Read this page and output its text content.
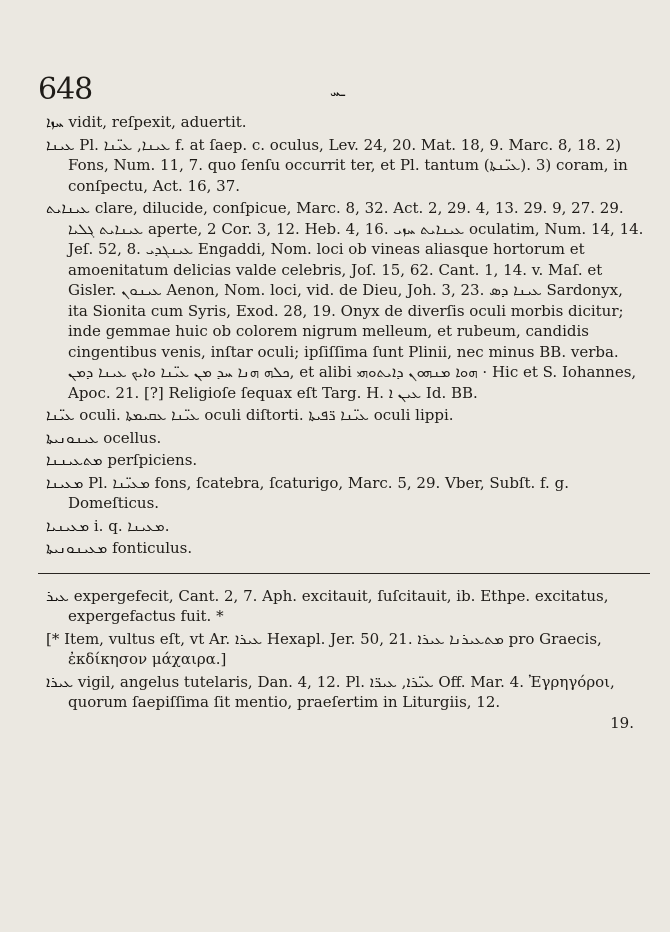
648	ـܚ

ܚܙܐ vidit, reſpexit, aduertit.

ܥܝܢܐ Pl. ܥܝܢܐ, ܥܝ̈ܢܐ f. at ſaep. c. oculus, Lev. 24, 20. Mat. 18, 9. Marc. 8, 18. 2) Fons, Num. 11, 7. quo ſenſu occurrit ter, et Pl. tantum (ܥܝ̈ܢܬܐ). 3) coram, in conſpectu, Act. 16, 37.

ܥܝܢܐܝܬ clare, dilucide, conſpicue, Marc. 8, 32. Act. 2, 29. 4, 13. 29. 9, 27. 29. ܥܝܢܐܝܬ ܓܠܝܐ aperte, 2 Cor. 3, 12. Heb. 4, 16. ܥܝܢܐܝܬ ܚܙܝ oculatim, Num. 14, 14. Jeſ. 52, 8. ܥܝܢܓܕܝ Engaddi, Nom. loci ob vineas aliasque hortorum et amoenitatum delicias valde celebris, Joſ. 15, 62. Cant. 1, 14. v. Maſ. et Gisler. ܥܝܢܘܢ Aenon, Nom. loci, vid. de Dieu, Joh. 3, 23. ܥܝܢܐ ܕܣ Sardonyx, ita Sionita cum Syris, Exod. 28, 19. Onyx de diverſis oculi morbis dicitur; inde gemmae huic ob colorem nigrum melleum, et rubeum, candidis cingentibus venis, inſtar oculi; ipſiſſima ſunt Plinii, nec minus BB. verba. ܟܠܗ ܗܢܐ ܚܕ ܡܢ ܥܝ̈ܢܐ ܘܐܝܟ ܥܝܢܐ ܕܡܢ, et alibi ܗܘܐ ܡܢܗܘܢ ܕܐܝܬܘܗܝ · Hic et S. Iohannes, Apoc. 21. [?] Religioſe ſequax eſt Targ. H. ܥܝܢ ܐ Id. BB.

ܥܝ̈ܢܐ oculi. ܥܝ̈ܢܐ ܥܩܝܡܬܐ oculi diſtorti. ܥܝ̈ܢܐ ܪ̈ܦܝܬܐ oculi lippi.

ܥܝܢܘܢܝܬܐ ocellus.

ܡܬܥܝܢܢܐ perſpiciens.

ܡܥܝܢܐ Pl. ܡܥܝ̈ܢܐ fons, ſcatebra, ſcaturigo, Marc. 5, 29. Vber, Subſt. f. g. Domeſticus.

ܡܥܝܢܝܐ i. q. ܡܥܝܢܐ.

ܡܥܝܢܘܢܝܬܐ fonticulus.

ܥܝܪ expergefecit, Cant. 2, 7. Aph. excitauit, ſuſcitauit, ib. Ethpe. excitatus, expergefactus fuit. *

[* Item, vultus eſt, vt Ar. ܥܝܪܐ Hexapl. Jer. 50, 21. ܡܬܥܝܪܢܐ ܥܝܪܐ pro Graecis, ἐκδίκησον μάχαιρα.]

ܥܝܪܐ vigil, angelus tutelaris, Dan. 4, 12. Pl. ܥܝ̈ܪܐ, ܥܝܪ̈ܐ Off. Mar. 4. Ἐγρηγόροι, quorum ſaepiſſima ſit mentio, praeſertim in Liturgiis, 12.

19.
